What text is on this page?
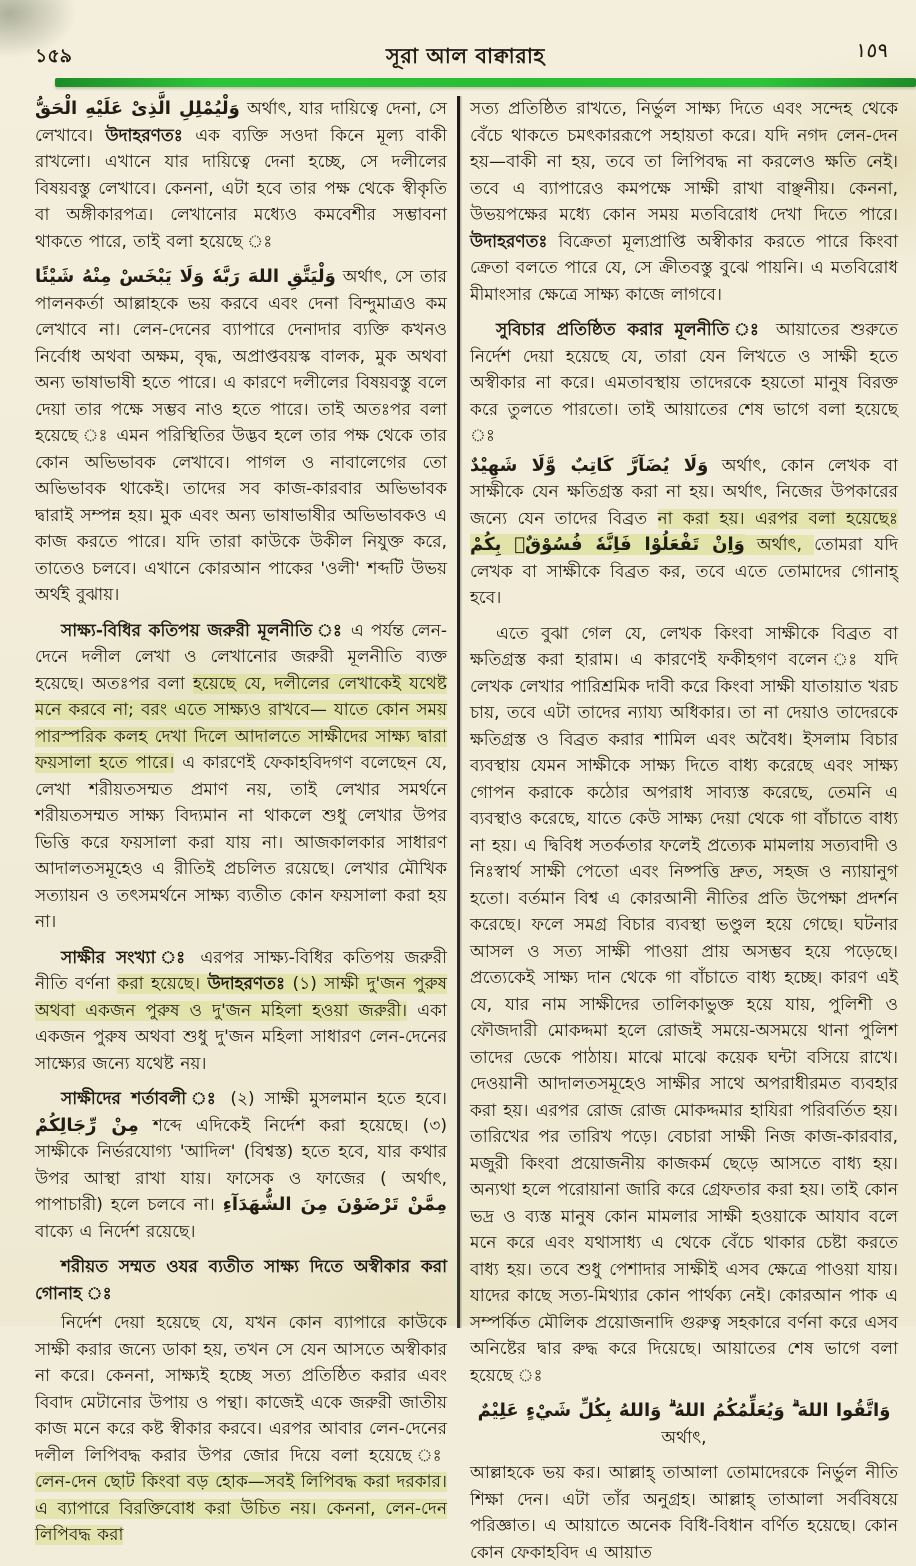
১৫৯	সূরা আল বাক্বারাহ	١٥٩

وَلْيُمْلِلِ الَّذِىْ عَلَيْهِ الْحَقُّ অর্থাৎ, যার দায়িত্বে দেনা, সে লেখাবে। উদাহরণতঃ এক ব্যক্তি সওদা কিনে মূল্য বাকী রাখলো। এখানে যার দায়িত্বে দেনা হচ্ছে, সে দলীলের বিষয়বস্তু লেখাবে। কেননা, এটা হবে তার পক্ষ থেকে স্বীকৃতি বা অঙ্গীকারপত্র। লেখানোর মধ্যেও কমবেশীর সম্ভাবনা থাকতে পারে, তাই বলা হয়েছে ঃ

وَلْيَتَّقِ اللهَ رَبَّهٗ وَلَا يَبْخَسْ مِنْهُ شَيْئًا অর্থাৎ, সে তার পালনকর্তা আল্লাহকে ভয় করবে এবং দেনা বিন্দুমাত্রও কম লেখাবে না। লেন-দেনের ব্যাপারে দেনাদার ব্যক্তি কখনও নির্বোধ অথবা অক্ষম, বৃদ্ধ, অপ্রাপ্তবয়স্ক বালক, মুক অথবা অন্য ভাষাভাষী হতে পারে। এ কারণে দলীলের বিষয়বস্তু বলে দেয়া তার পক্ষে সম্ভব নাও হতে পারে। তাই অতঃপর বলা হয়েছে ঃ এমন পরিস্থিতির উদ্ভব হলে তার পক্ষ থেকে তার কোন অভিভাবক লেখাবে। পাগল ও নাবালেগের তো অভিভাবক থাকেই। তাদের সব কাজ-কারবার অভিভাবক দ্বারাই সম্পন্ন হয়। মুক এবং অন্য ভাষাভাষীর অভিভাবকও এ কাজ করতে পারে। যদি তারা কাউকে উকীল নিযুক্ত করে, তাতেও চলবে। এখানে কোরআন পাকের 'ওলী' শব্দটি উভয় অর্থই বুঝায়।

সাক্ষ্য-বিধির কতিপয় জরুরী মূলনীতি ঃ এ পর্যন্ত লেন-দেনে দলীল লেখা ও লেখানোর জরুরী মূলনীতি ব্যক্ত হয়েছে। অতঃপর বলা হয়েছে যে, দলীলের লেখাকেই যথেষ্ট মনে করবে না; বরং এতে সাক্ষ্যও রাখবে— যাতে কোন সময় পারস্পরিক কলহ দেখা দিলে আদালতে সাক্ষীদের সাক্ষ্য দ্বারা ফয়সালা হতে পারে। এ কারণেই ফেকাহবিদগণ বলেছেন যে, লেখা শরীয়তসম্মত প্রমাণ নয়, তাই লেখার সমর্থনে শরীয়তসম্মত সাক্ষ্য বিদ্যমান না থাকলে শুধু লেখার উপর ভিত্তি করে ফয়সালা করা যায় না। আজকালকার সাধারণ আদালতসমূহেও এ রীতিই প্রচলিত রয়েছে। লেখার মৌখিক সত্যায়ন ও তৎসমর্থনে সাক্ষ্য ব্যতীত কোন ফয়সালা করা হয় না।

সাক্ষীর সংখ্যা ঃ এরপর সাক্ষ্য-বিধির কতিপয় জরুরী নীতি বর্ণনা করা হয়েছে। উদাহরণতঃ (১) সাক্ষী দু'জন পুরুষ অথবা একজন পুরুষ ও দু'জন মহিলা হওয়া জরুরী। একা একজন পুরুষ অথবা শুধু দু'জন মহিলা সাধারণ লেন-দেনের সাক্ষ্যের জন্যে যথেষ্ট নয়।

সাক্ষীদের শর্তাবলী ঃ (২) সাক্ষী মুসলমান হতে হবে। مِنْ رِّجَالِكُمْ শব্দে এদিকেই নির্দেশ করা হয়েছে। (৩) সাক্ষীকে নির্ভরযোগ্য 'আদিল' (বিশ্বস্ত) হতে হবে, যার কথার উপর আস্থা রাখা যায়। ফাসেক ও ফাজের ( অর্থাৎ, পাপাচারী) হলে চলবে না। مِمَّنْ تَرْضَوْنَ مِنَ الشُّهَدَآءِ বাক্যে এ নির্দেশ রয়েছে।

শরীয়ত সম্মত ওযর ব্যতীত সাক্ষ্য দিতে অস্বীকার করা গোনাহ ঃ

নির্দেশ দেয়া হয়েছে যে, যখন কোন ব্যাপারে কাউকে সাক্ষী করার জন্যে ডাকা হয়, তখন সে যেন আসতে অস্বীকার না করে। কেননা, সাক্ষ্যই হচ্ছে সত্য প্রতিষ্ঠিত করার এবং বিবাদ মেটানোর উপায় ও পন্থা। কাজেই একে জরুরী জাতীয় কাজ মনে করে কষ্ট স্বীকার করবে। এরপর আবার লেন-দেনের দলীল লিপিবদ্ধ করার উপর জোর দিয়ে বলা হয়েছে ঃ লেন-দেন ছোট কিংবা বড় হোক—সবই লিপিবদ্ধ করা দরকার। এ ব্যাপারে বিরক্তিবোধ করা উচিত নয়। কেননা, লেন-দেন লিপিবদ্ধ করা

সত্য প্রতিষ্ঠিত রাখতে, নির্ভুল সাক্ষ্য দিতে এবং সন্দেহ থেকে বেঁচে থাকতে চমৎকাররূপে সহায়তা করে। যদি নগদ লেন-দেন হয়—বাকী না হয়, তবে তা লিপিবদ্ধ না করলেও ক্ষতি নেই। তবে এ ব্যাপারেও কমপক্ষে সাক্ষী রাখা বাঞ্ছনীয়। কেননা, উভয়পক্ষের মধ্যে কোন সময় মতবিরোধ দেখা দিতে পারে। উদাহরণতঃ বিক্রেতা মূল্যপ্রাপ্তি অস্বীকার করতে পারে কিংবা ক্রেতা বলতে পারে যে, সে ক্রীতবস্তু বুঝে পায়নি। এ মতবিরোধ মীমাংসার ক্ষেত্রে সাক্ষ্য কাজে লাগবে।

সুবিচার প্রতিষ্ঠিত করার মূলনীতি ঃ আয়াতের শুরুতে নির্দেশ দেয়া হয়েছে যে, তারা যেন লিখতে ও সাক্ষী হতে অস্বীকার না করে। এমতাবস্থায় তাদেরকে হয়তো মানুষ বিরক্ত করে তুলতে পারতো। তাই আয়াতের শেষ ভাগে বলা হয়েছে ঃ

وَلَا يُضَآرَّ كَاتِبٌ وَّلَا شَهِيْدٌ অর্থাৎ, কোন লেখক বা সাক্ষীকে যেন ক্ষতিগ্রস্ত করা না হয়। অর্থাৎ, নিজের উপকারের জন্যে যেন তাদের বিব্রত না করা হয়। এরপর বলা হয়েছেঃ وَاِنْ تَفْعَلُوْا فَاِنَّهٗ فُسُوْقٌۢ بِكُمْ অর্থাৎ, তোমরা যদি লেখক বা সাক্ষীকে বিব্রত কর, তবে এতে তোমাদের গোনাহ্ হবে।

এতে বুঝা গেল যে, লেখক কিংবা সাক্ষীকে বিব্রত বা ক্ষতিগ্রস্ত করা হারাম। এ কারণেই ফকীহগণ বলেন ঃ যদি লেখক লেখার পারিশ্রমিক দাবী করে কিংবা সাক্ষী যাতায়াত খরচ চায়, তবে এটা তাদের ন্যায্য অধিকার। তা না দেয়াও তাদেরকে ক্ষতিগ্রস্ত ও বিব্রত করার শামিল এবং অবৈধ। ইসলাম বিচার ব্যবস্থায় যেমন সাক্ষীকে সাক্ষ্য দিতে বাধ্য করেছে এবং সাক্ষ্য গোপন করাকে কঠোর অপরাধ সাব্যস্ত করেছে, তেমনি এ ব্যবস্থাও করেছে, যাতে কেউ সাক্ষ্য দেয়া থেকে গা বাঁচাতে বাধ্য না হয়। এ দ্বিবিধ সতর্কতার ফলেই প্রত্যেক মামলায় সত্যবাদী ও নিঃস্বার্থ সাক্ষী পেতো এবং নিষ্পত্তি দ্রুত, সহজ ও ন্যায়ানুগ হতো। বর্তমান বিশ্ব এ কোরআনী নীতির প্রতি উপেক্ষা প্রদর্শন করেছে। ফলে সমগ্র বিচার ব্যবস্থা ভণ্ডুল হয়ে গেছে। ঘটনার আসল ও সত্য সাক্ষী পাওয়া প্রায় অসম্ভব হয়ে পড়েছে। প্রত্যেকেই সাক্ষ্য দান থেকে গা বাঁচাতে বাধ্য হচ্ছে। কারণ এই যে, যার নাম সাক্ষীদের তালিকাভুক্ত হয়ে যায়, পুলিশী ও ফৌজদারী মোকদ্দমা হলে রোজই সময়ে-অসময়ে থানা পুলিশ তাদের ডেকে পাঠায়। মাঝে মাঝে কয়েক ঘন্টা বসিয়ে রাখে। দেওয়ানী আদালতসমূহেও সাক্ষীর সাথে অপরাধীরমত ব্যবহার করা হয়। এরপর রোজ রোজ মোকদ্দমার হাযিরা পরিবর্তিত হয়। তারিখের পর তারিখ পড়ে। বেচারা সাক্ষী নিজ কাজ-কারবার, মজুরী কিংবা প্রয়োজনীয় কাজকর্ম ছেড়ে আসতে বাধ্য হয়। অন্যথা হলে পরোয়ানা জারি করে গ্রেফতার করা হয়। তাই কোন ভদ্র ও ব্যস্ত মানুষ কোন মামলার সাক্ষী হওয়াকে আযাব বলে মনে করে এবং যথাসাধ্য এ থেকে বেঁচে থাকার চেষ্টা করতে বাধ্য হয়। তবে শুধু পেশাদার সাক্ষীই এসব ক্ষেত্রে পাওয়া যায়। যাদের কাছে সত্য-মিথ্যার কোন পার্থক্য নেই। কোরআন পাক এ সম্পর্কিত মৌলিক প্রয়োজনাদি গুরুত্ব সহকারে বর্ণনা করে এসব অনিষ্টের দ্বার রুদ্ধ করে দিয়েছে। আয়াতের শেষ ভাগে বলা হয়েছে ঃ

وَاتَّقُوا اللهَ ۗ وَيُعَلِّمُكُمُ اللهُ ۗ وَاللهُ بِكُلِّ شَيْءٍ عَلِيْمٌ অর্থাৎ,

আল্লাহকে ভয় কর। আল্লাহ্ তাআলা তোমাদেরকে নির্ভুল নীতি শিক্ষা দেন। এটা তাঁর অনুগ্রহ। আল্লাহ্ তাআলা সর্ববিষয়ে পরিজ্ঞাত। এ আয়াতে অনেক বিধি-বিধান বর্ণিত হয়েছে। কোন কোন ফেকাহবিদ এ আয়াত
